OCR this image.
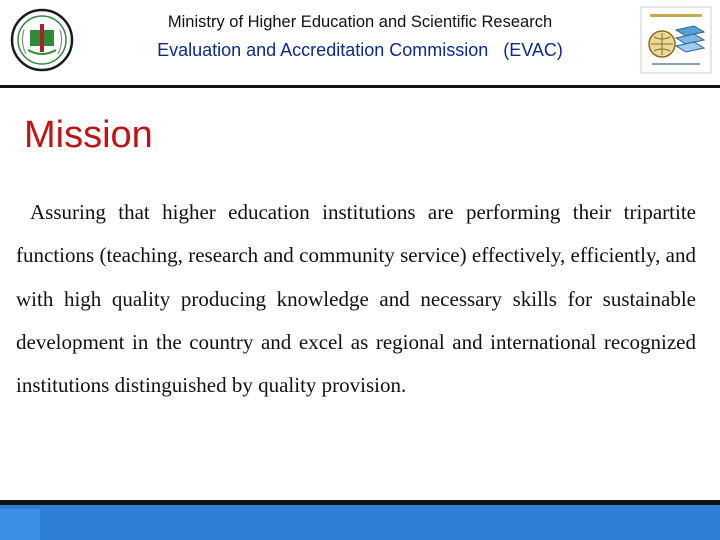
Ministry of Higher Education and Scientific Research
Evaluation and Accreditation Commission   (EVAC)
Mission

Assuring that higher education institutions are performing their tripartite functions (teaching, research and community service) effectively, efficiently, and with high quality producing knowledge and necessary skills for sustainable development in the country and excel as regional and international recognized institutions distinguished by quality provision.
